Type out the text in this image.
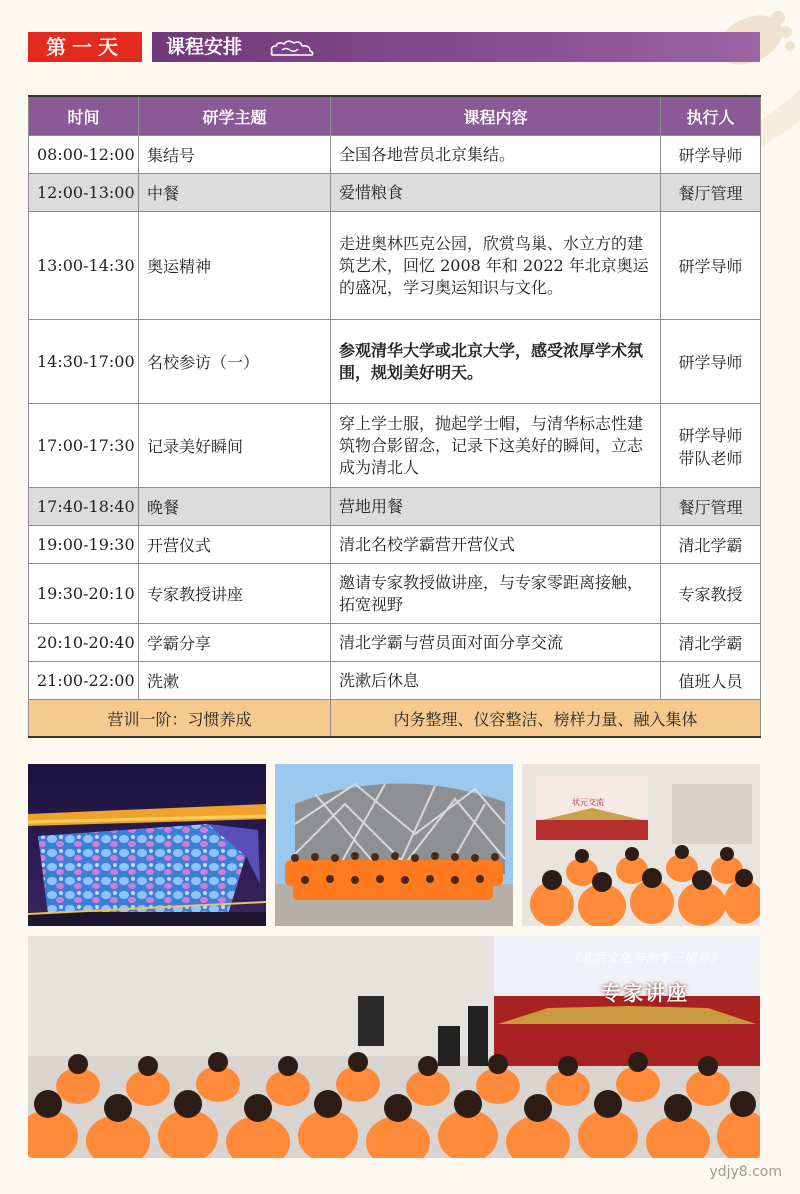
第一天	课程安排
时间	研学主题	课程内容	执行人
08:00-12:00	集结号	全国各地营员北京集结。	研学导师
12:00-13:00	中餐	爱惜粮食	餐厅管理
13:00-14:30	奥运精神	走进奥林匹克公园，欣赏鸟巢、水立方的建筑艺术，回忆 2008 年和 2022 年北京奥运的盛况，学习奥运知识与文化。	研学导师
14:30-17:00	名校参访（一）	参观清华大学或北京大学，感受浓厚学术氛围，规划美好明天。	研学导师
17:00-17:30	记录美好瞬间	穿上学士服，抛起学士帽，与清华标志性建筑物合影留念，记录下这美好的瞬间，立志成为清北人	研学导师
带队老师
17:40-18:40	晚餐	营地用餐	餐厅管理
19:00-19:30	开营仪式	清北名校学霸营开营仪式	清北学霸
19:30-20:10	专家教授讲座	邀请专家教授做讲座，与专家零距离接触，拓宽视野	专家教授
20:10-20:40	学霸分享	清北学霸与营员面对面分享交流	清北学霸
21:00-22:00	洗漱	洗漱后休息	值班人员
营训一阶：习惯养成		内务整理、仪容整洁、榜样力量、融入集体	
状元交流
《北清文化与治学三境界》
专家讲座
ydjy8.com
